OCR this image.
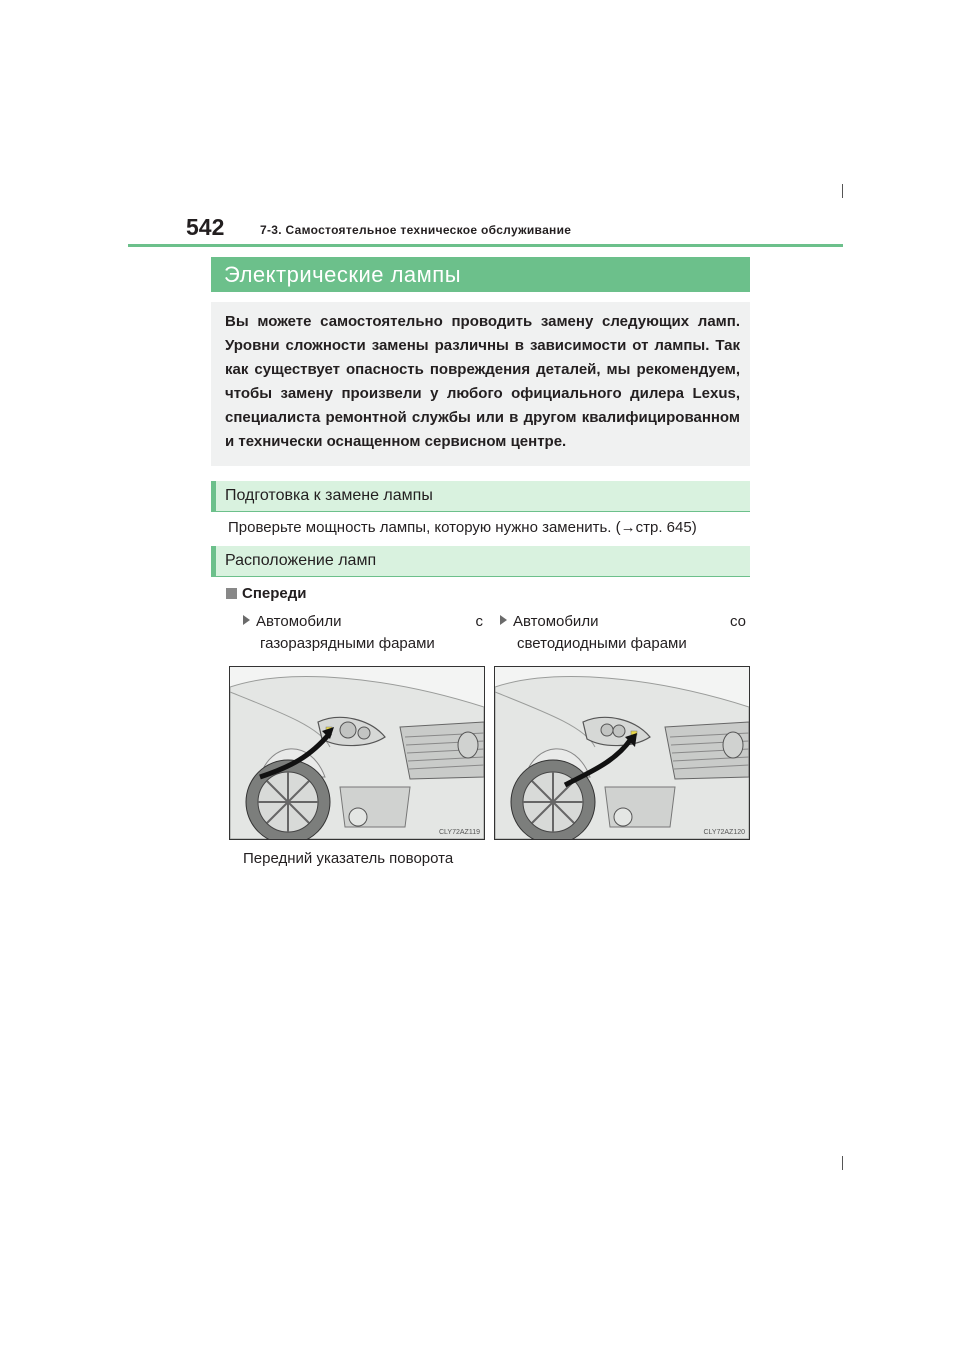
542	7-3. Самостоятельное техническое обслуживание
Электрические лампы
Вы можете самостоятельно проводить замену следующих ламп. Уровни сложности замены различны в зависимости от лампы. Так как существует опасность повреждения деталей, мы рекомендуем, чтобы замену произвели у любого официального дилера Lexus, специалиста ремонтной службы или в другом квалифицированном и технически оснащенном сервисном центре.
Подготовка к замене лампы
Проверьте мощность лампы, которую нужно заменить. (→стр. 645)
Расположение ламп
Спереди
Автомобили с
газоразрядными фарами
Автомобили со
светодиодными фарами
CLY72AZ119	CLY72AZ120
Передний указатель поворота
